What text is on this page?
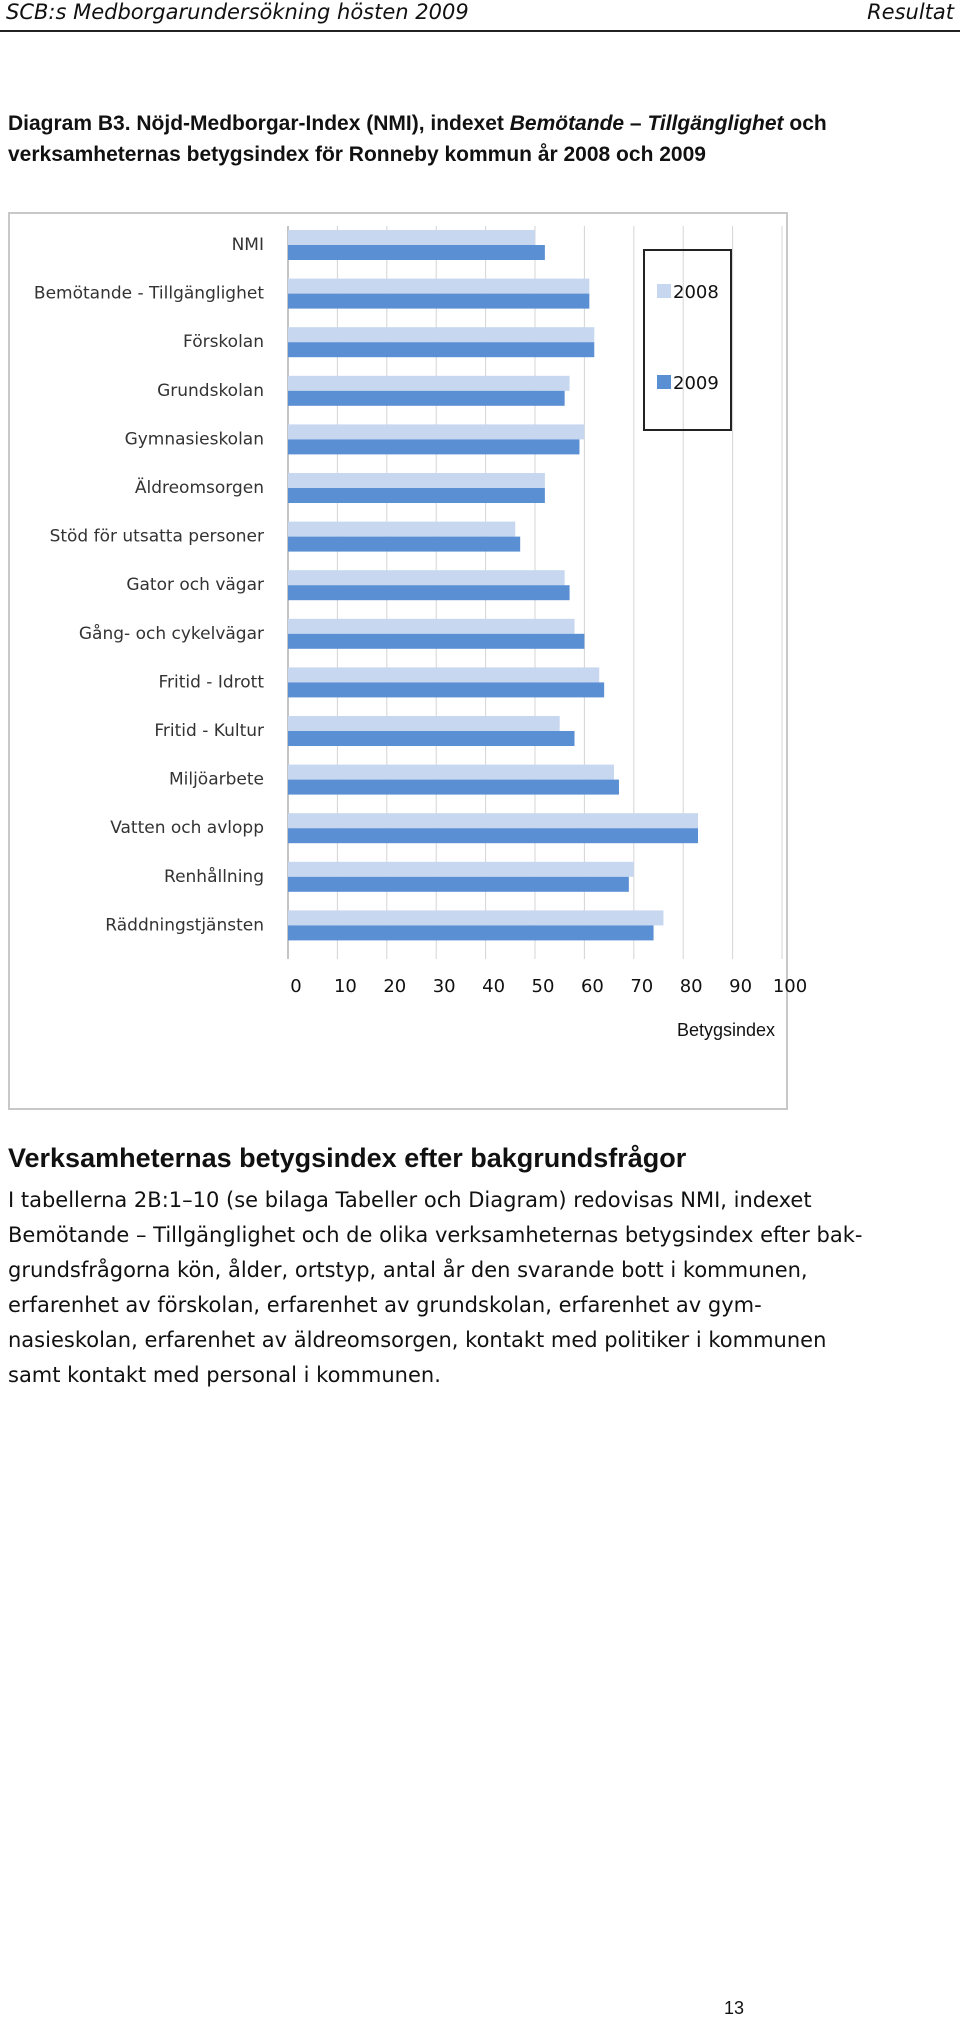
SCB:s Medborgarundersökning hösten 2009	Resultat
Diagram B3. Nöjd-Medborgar-Index (NMI), indexet Bemötande – Tillgänglighet och verksamheternas betygsindex för Ronneby kommun år 2008 och 2009
NMI
Bemötande - Tillgänglighet
Förskolan
Grundskolan
Gymnasieskolan
Äldreomsorgen
Stöd för utsatta personer
Gator och vägar
Gång- och cykelvägar
Fritid - Idrott
Fritid - Kultur
Miljöarbete
Vatten och avlopp
Renhållning
Räddningstjänsten
0 10 20 30 40 50 60 70 80 90 100
Betygsindex
2008
2009
Verksamheternas betygsindex efter bakgrundsfrågor
I tabellerna 2B:1–10 (se bilaga Tabeller och Diagram) redovisas NMI, indexet
Bemötande – Tillgänglighet och de olika verksamheternas betygsindex efter bak-
grundsfrågorna kön, ålder, ortstyp, antal år den svarande bott i kommunen,
erfarenhet av förskolan, erfarenhet av grundskolan, erfarenhet av gym-
nasieskolan, erfarenhet av äldreomsorgen, kontakt med politiker i kommunen
samt kontakt med personal i kommunen.
13
